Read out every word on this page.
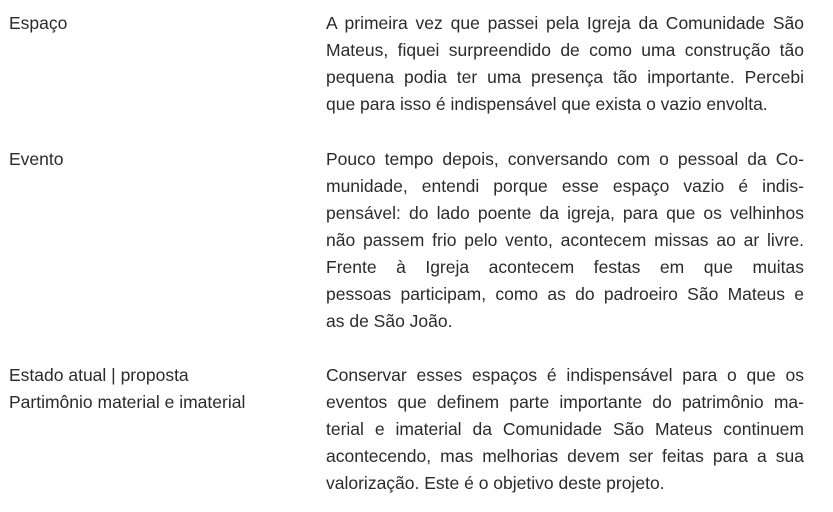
Espaço	A primeira vez que passei pela Igreja da Comunidade São
Mateus, fiquei surpreendido de como uma construção tão
pequena podia ter uma presença tão importante. Percebi
que para isso é indispensável que exista o vazio envolta.

Evento	Pouco tempo depois, conversando com o pessoal da Co-
munidade, entendi porque esse espaço vazio é indis-
pensável: do lado poente da igreja, para que os velhinhos
não passem frio pelo vento, acontecem missas ao ar livre.
Frente à Igreja acontecem festas em que muitas
pessoas participam, como as do padroeiro São Mateus e
as de São João.

Estado atual | proposta
Partimônio material e imaterial

Conservar esses espaços é indispensável para o que os
eventos que definem parte importante do patrimônio ma-
terial e imaterial da Comunidade São Mateus continuem
acontecendo, mas melhorias devem ser feitas para a sua
valorização. Este é o objetivo deste projeto.
